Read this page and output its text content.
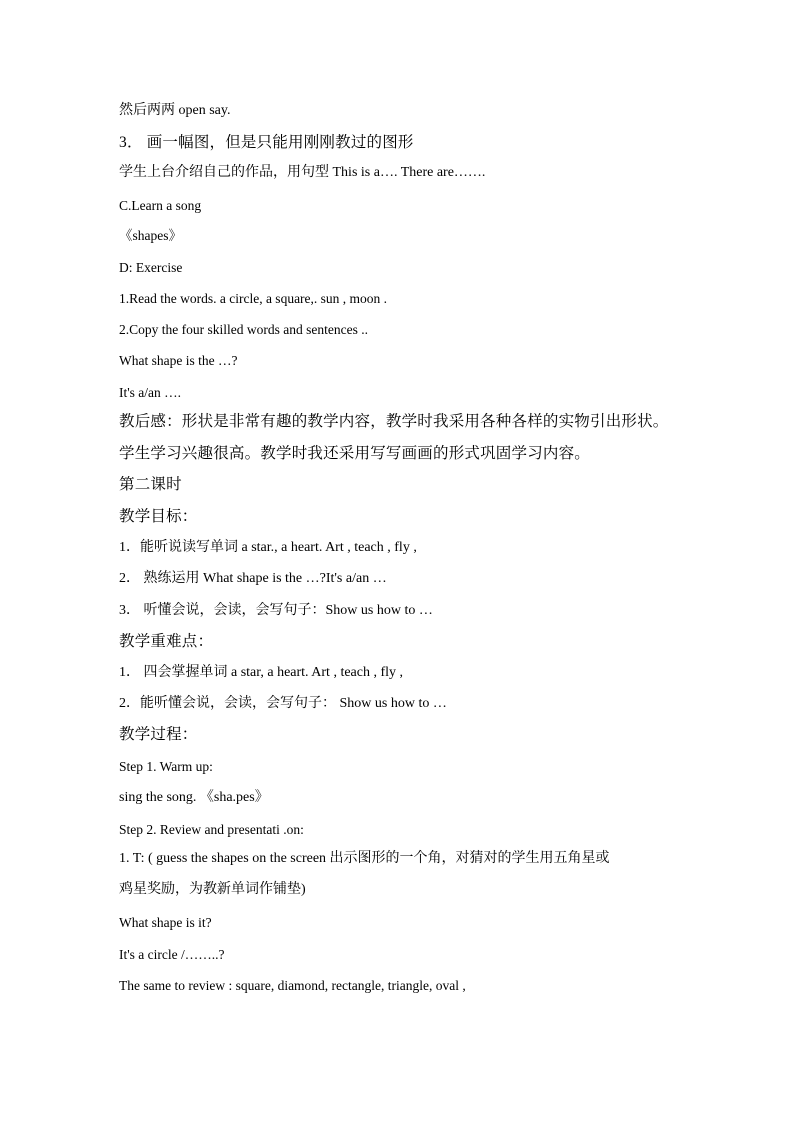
然后两两 open say.
3． 画一幅图，但是只能用刚刚教过的图形
学生上台介绍自己的作品，用句型 This is a…. There are…….
C.Learn a song
《shapes》
D: Exercise
1.Read the words. a circle, a square,. sun , moon .
2.Copy the four skilled words and sentences ..
What shape is the …?
It's a/an ….
教后感：形状是非常有趣的教学内容，教学时我采用各种各样的实物引出形状。
学生学习兴趣很高。教学时我还采用写写画画的形式巩固学习内容。
第二课时
教学目标：
1．能听说读写单词 a star., a heart. Art , teach , fly ,
2． 熟练运用 What shape is the …?It's a/an …
3． 听懂会说，会读，会写句子：Show us how to …
教学重难点：
1． 四会掌握单词 a star, a heart. Art , teach , fly ,
2．能听懂会说，会读，会写句子： Show us how to …
教学过程：
Step 1. Warm up:
sing the song. 《sha.pes》
Step 2. Review and presentati .on:
1. T: ( guess the shapes on the screen 出示图形的一个角，对猜对的学生用五角星或
鸡星奖励，为教新单词作铺垫)
What shape is it?
It's a circle /……..?
The same to review : square, diamond, rectangle, triangle, oval ,
